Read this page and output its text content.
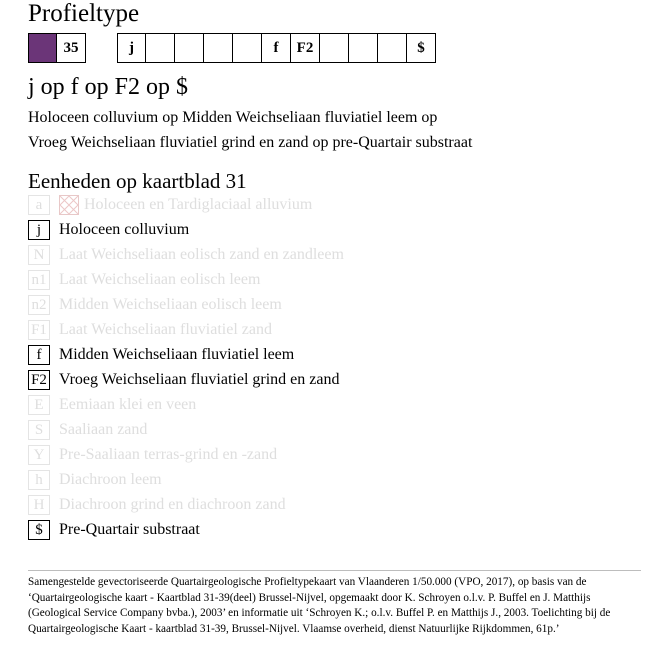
Profieltype
35	j	f	F2	$
j op f op F2 op $
Holoceen colluvium op Midden Weichseliaan fluviatiel leem op
Vroeg Weichseliaan fluviatiel grind en zand op pre-Quartair substraat
Eenheden op kaartblad 31
a	Holoceen en Tardiglaciaal alluvium
j	Holoceen colluvium
N Laat Weichseliaan eolisch zand en zandleem
n1 Laat Weichseliaan eolisch leem
n2 Midden Weichseliaan eolisch leem
F1 Laat Weichseliaan fluviatiel zand
f	Midden Weichseliaan fluviatiel leem
F2 Vroeg Weichseliaan fluviatiel grind en zand
E Eemiaan klei en veen
S Saaliaan zand
Y Pre-Saaliaan terras-grind en -zand
h	Diachroon leem
H Diachroon grind en diachroon zand
$	Pre-Quartair substraat
Samengestelde gevectoriseerde Quartairgeologische Profieltypekaart van Vlaanderen 1/50.000 (VPO, 2017), op basis van de ‘Quartairgeologische kaart - Kaartblad 31-39(deel) Brussel-Nijvel, opgemaakt door K. Schroyen o.l.v. P. Buffel en J. Matthijs (Geological Service Company bvba.), 2003’ en informatie uit ‘Schroyen K.; o.l.v. Buffel P. en Matthijs J., 2003. Toelichting bij de Quartairgeologische Kaart - kaartblad 31-39, Brussel-Nijvel. Vlaamse overheid, dienst Natuurlijke Rijkdommen, 61p.’
